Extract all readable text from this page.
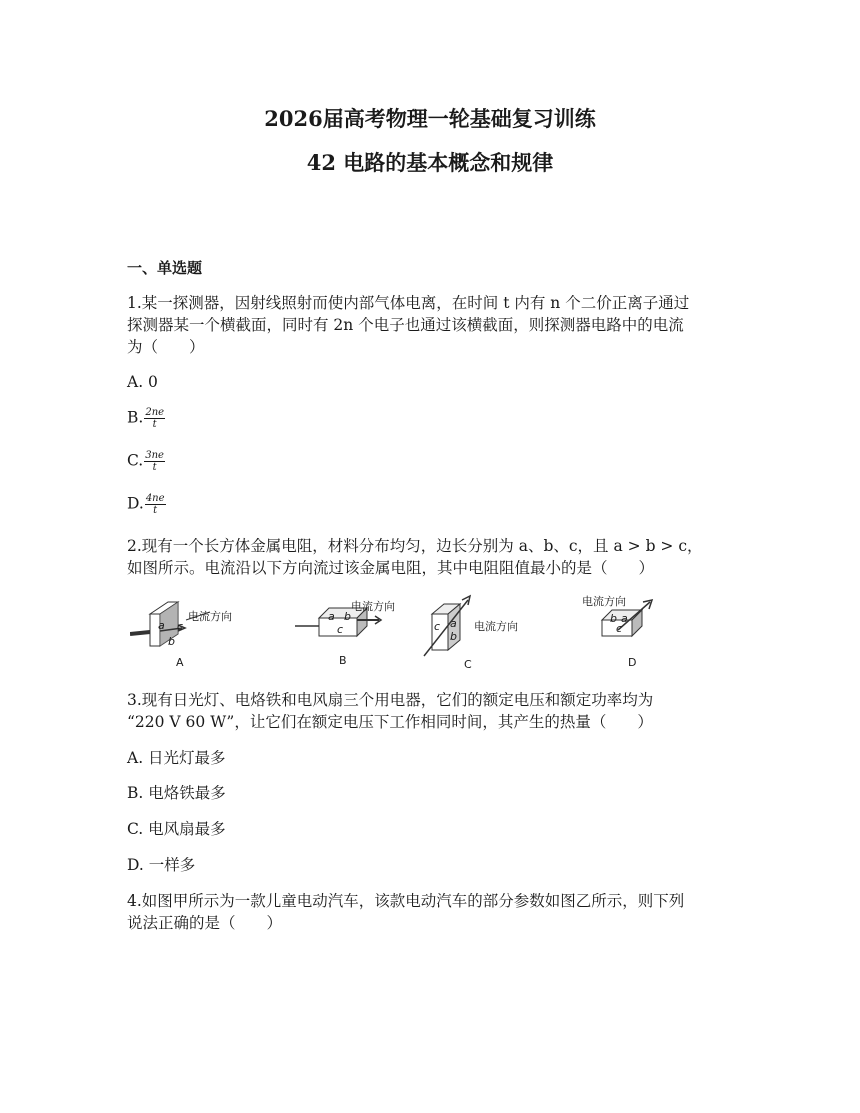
2026届高考物理一轮基础复习训练
42 电路的基本概念和规律
一、单选题
1.某一探测器，因射线照射而使内部气体电离，在时间 t 内有 n 个二价正离子通过
探测器某一个横截面，同时有 2n 个电子也通过该横截面，则探测器电路中的电流
为（　　）
A. 0
B. $\frac{2ne}{t}$
C. $\frac{3ne}{t}$
D. $\frac{4ne}{t}$
2.现有一个长方体金属电阻，材料分布均匀，边长分别为 a、b、c，且 a > b > c，
如图所示。电流沿以下方向流过该金属电阻，其中电阻阻值最小的是（　　）
a
b
c
电流方向
A
a b
c
电流方向
B
c a
b
电流方向
C
b a
c
电流方向
D
3.现有日光灯、电烙铁和电风扇三个用电器，它们的额定电压和额定功率均为
“220 V 60 W”，让它们在额定电压下工作相同时间，其产生的热量（　　）
A. 日光灯最多
B. 电烙铁最多
C. 电风扇最多
D. 一样多
4.如图甲所示为一款儿童电动汽车，该款电动汽车的部分参数如图乙所示，则下列
说法正确的是（　　）
